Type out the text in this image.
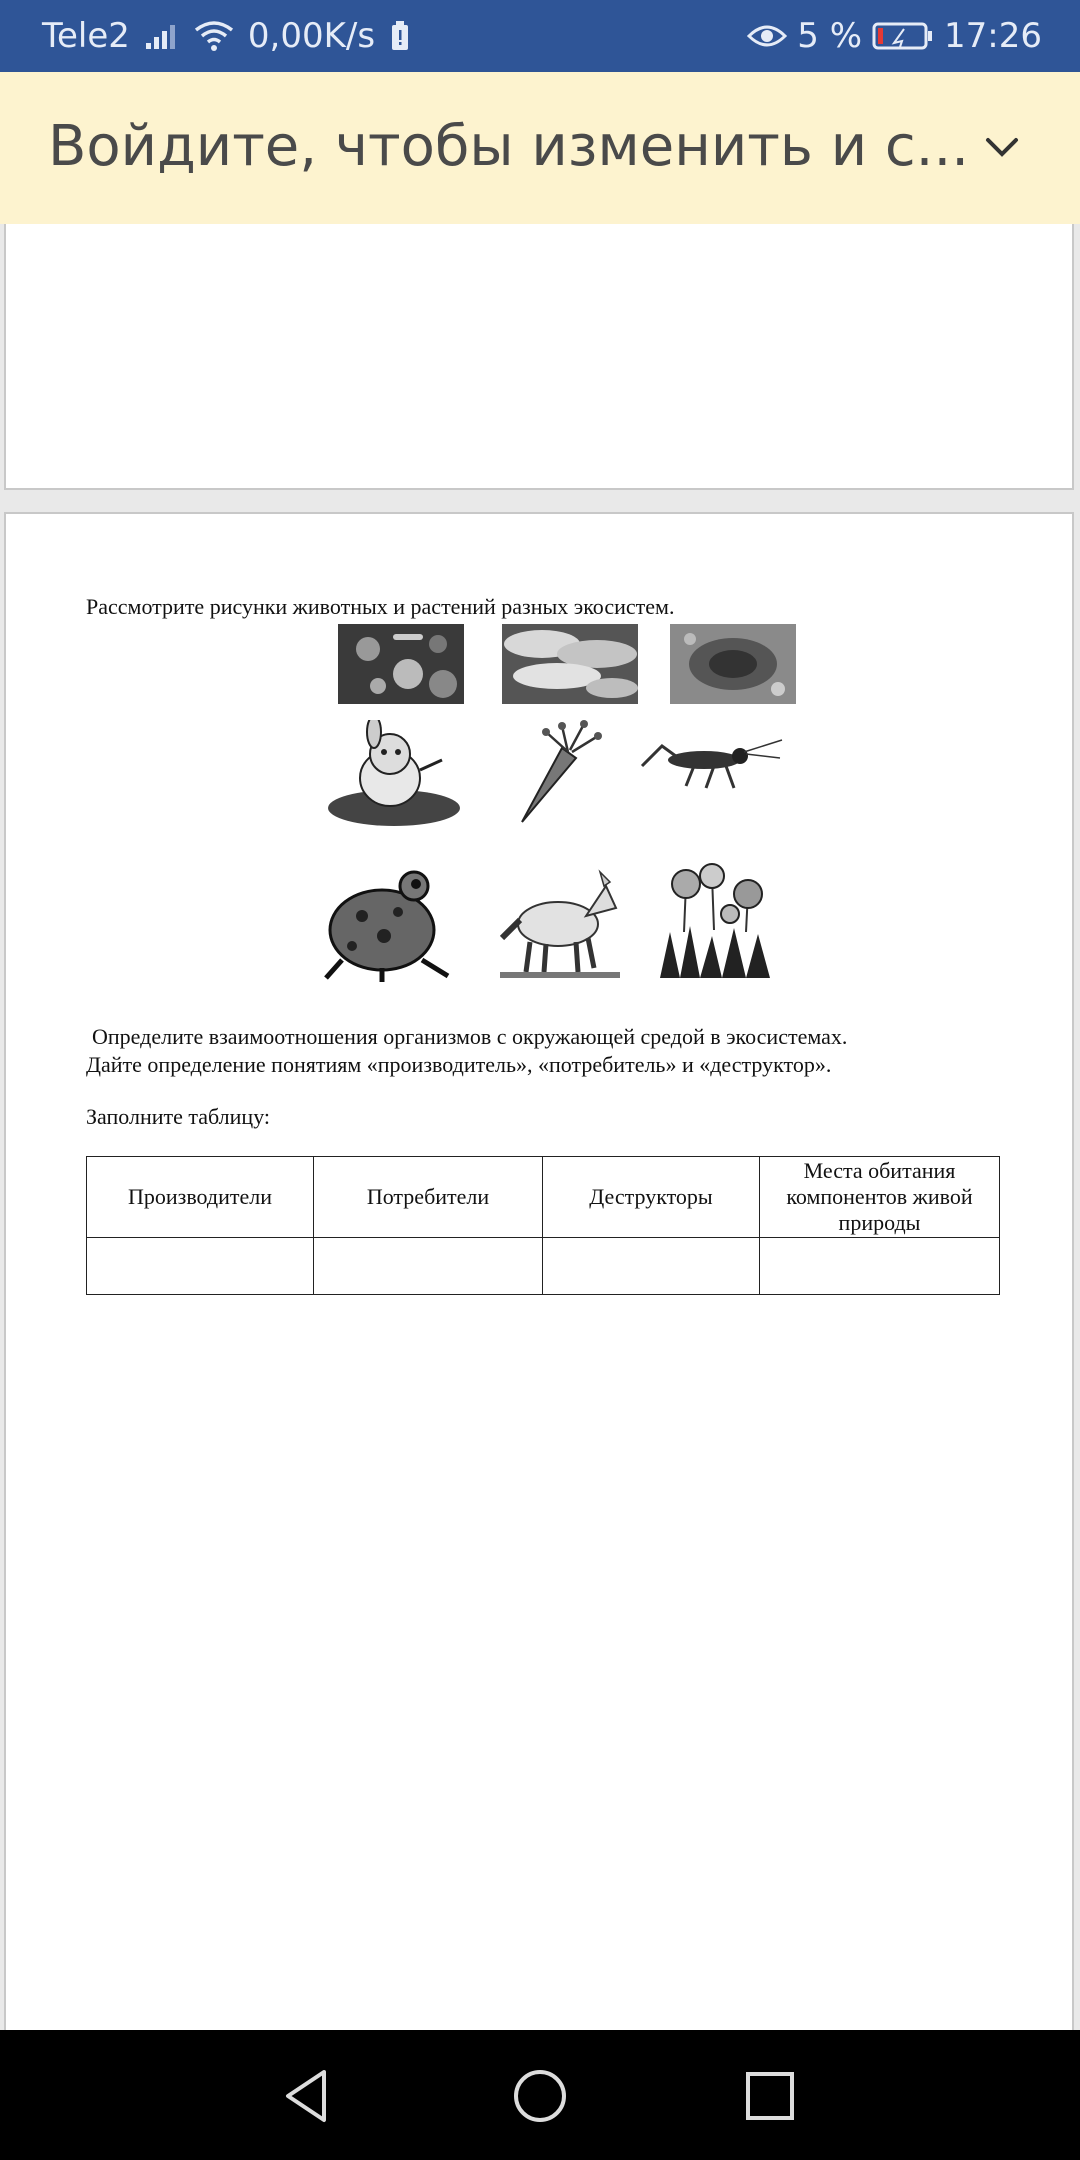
Tele2	0,00K/s	5 % 17:26
Войдите, чтобы изменить и с...
Рассмотрите рисунки животных и растений разных экосистем.
Определите взаимоотношения организмов с окружающей средой в экосистемах.
Дайте определение понятиям «производитель», «потребитель» и «деструктор».
Заполните таблицу:
Производители	Потребители	Деструкторы	Места обитания компонентов живой природы
